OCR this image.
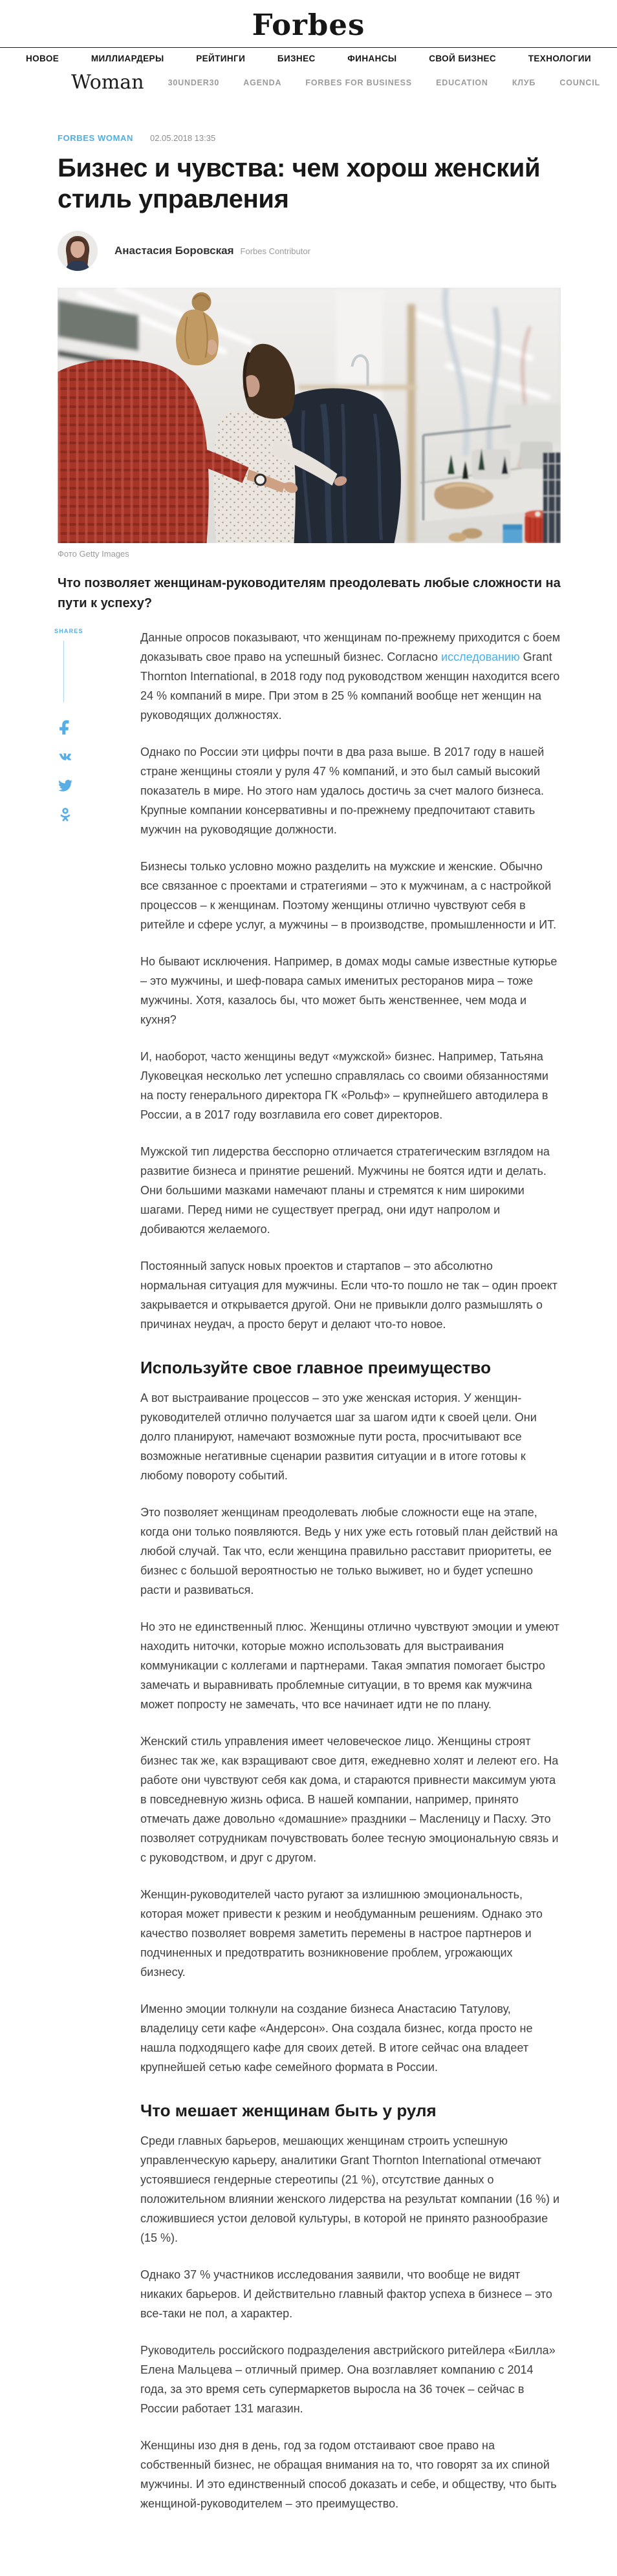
Forbes
НОВОЕ	МИЛЛИАРДЕРЫ	РЕЙТИНГИ	БИЗНЕС	ФИНАНСЫ	СВОЙ БИЗНЕС	ТЕХНОЛОГИИ
Woman	30UNDER30	AGENDA	FORBES FOR BUSINESS	EDUCATION	КЛУБ	COUNCIL
FORBES WOMAN 02.05.2018 13:35
Бизнес и чувства: чем хорош женский стиль управления
Анастасия Боровская Forbes Contributor
Фото Getty Images

Что позволяет женщинам-руководителям преодолевать любые сложности на пути к успеху?

SHARES	Данные опросов показывают, что женщинам по-прежнему приходится с боем доказывать свое право на успешный бизнес. Согласно исследованию Grant Thornton International, в 2018 году под руководством женщин находится всего 24 % компаний в мире. При этом в 25 % компаний вообще нет женщин на руководящих должностях.

Однако по России эти цифры почти в два раза выше. В 2017 году в нашей стране женщины стояли у руля 47 % компаний, и это был самый высокий показатель в мире. Но этого нам удалось достичь за счет малого бизнеса. Крупные компании консервативны и по-прежнему предпочитают ставить мужчин на руководящие должности.

Бизнесы только условно можно разделить на мужские и женские. Обычно все связанное с проектами и стратегиями – это к мужчинам, а с настройкой процессов – к женщинам. Поэтому женщины отлично чувствуют себя в ритейле и сфере услуг, а мужчины – в производстве, промышленности и ИТ.

Но бывают исключения. Например, в домах моды самые известные кутюрье – это мужчины, и шеф-повара самых именитых ресторанов мира – тоже мужчины. Хотя, казалось бы, что может быть женственнее, чем мода и кухня?

И, наоборот, часто женщины ведут «мужской» бизнес. Например, Татьяна Луковецкая несколько лет успешно справлялась со своими обязанностями на посту генерального директора ГК «Рольф» – крупнейшего автодилера в России, а в 2017 году возглавила его совет директоров.

Мужской тип лидерства бесспорно отличается стратегическим взглядом на развитие бизнеса и принятие решений. Мужчины не боятся идти и делать. Они большими мазками намечают планы и стремятся к ним широкими шагами. Перед ними не существует преград, они идут напролом и добиваются желаемого.

Постоянный запуск новых проектов и стартапов – это абсолютно нормальная ситуация для мужчины. Если что-то пошло не так – один проект закрывается и открывается другой. Они не привыкли долго размышлять о причинах неудач, а просто берут и делают что-то новое.

Используйте свое главное преимущество

А вот выстраивание процессов – это уже женская история. У женщин-руководителей отлично получается шаг за шагом идти к своей цели. Они долго планируют, намечают возможные пути роста, просчитывают все возможные негативные сценарии развития ситуации и в итоге готовы к любому повороту событий.

Это позволяет женщинам преодолевать любые сложности еще на этапе, когда они только появляются. Ведь у них уже есть готовый план действий на любой случай. Так что, если женщина правильно расставит приоритеты, ее бизнес с большой вероятностью не только выживет, но и будет успешно расти и развиваться.

Но это не единственный плюс. Женщины отлично чувствуют эмоции и умеют находить ниточки, которые можно использовать для выстраивания коммуникации с коллегами и партнерами. Такая эмпатия помогает быстро замечать и выравнивать проблемные ситуации, в то время как мужчина может попросту не замечать, что все начинает идти не по плану.

Женский стиль управления имеет человеческое лицо. Женщины строят бизнес так же, как взращивают свое дитя, ежедневно холят и лелеют его. На работе они чувствуют себя как дома, и стараются привнести максимум уюта в повседневную жизнь офиса. В нашей компании, например, принято отмечать даже довольно «домашние» праздники – Масленицу и Пасху. Это позволяет сотрудникам почувствовать более тесную эмоциональную связь и с руководством, и друг с другом.

Женщин-руководителей часто ругают за излишнюю эмоциональность, которая может привести к резким и необдуманным решениям. Однако это качество позволяет вовремя заметить перемены в настрое партнеров и подчиненных и предотвратить возникновение проблем, угрожающих бизнесу.

Именно эмоции толкнули на создание бизнеса Анастасию Татулову, владелицу сети кафе «Андерсон». Она создала бизнес, когда просто не нашла подходящего кафе для своих детей. В итоге сейчас она владеет крупнейшей сетью кафе семейного формата в России.

Что мешает женщинам быть у руля

Среди главных барьеров, мешающих женщинам строить успешную управленческую карьеру, аналитики Grant Thornton International отмечают устоявшиеся гендерные стереотипы (21 %), отсутствие данных о положительном влиянии женского лидерства на результат компании (16 %) и сложившиеся устои деловой культуры, в которой не принято разнообразие (15 %).

Однако 37 % участников исследования заявили, что вообще не видят никаких барьеров. И действительно главный фактор успеха в бизнесе – это все-таки не пол, а характер.

Руководитель российского подразделения австрийского ритейлера «Билла» Елена Мальцева – отличный пример. Она возглавляет компанию с 2014 года, за это время сеть супермаркетов выросла на 36 точек – сейчас в России работает 131 магазин.

Женщины изо дня в день, год за годом отстаивают свое право на собственный бизнес, не обращая внимания на то, что говорят за их спиной мужчины. И это единственный способ доказать и себе, и обществу, что быть женщиной-руководителем – это преимущество.
